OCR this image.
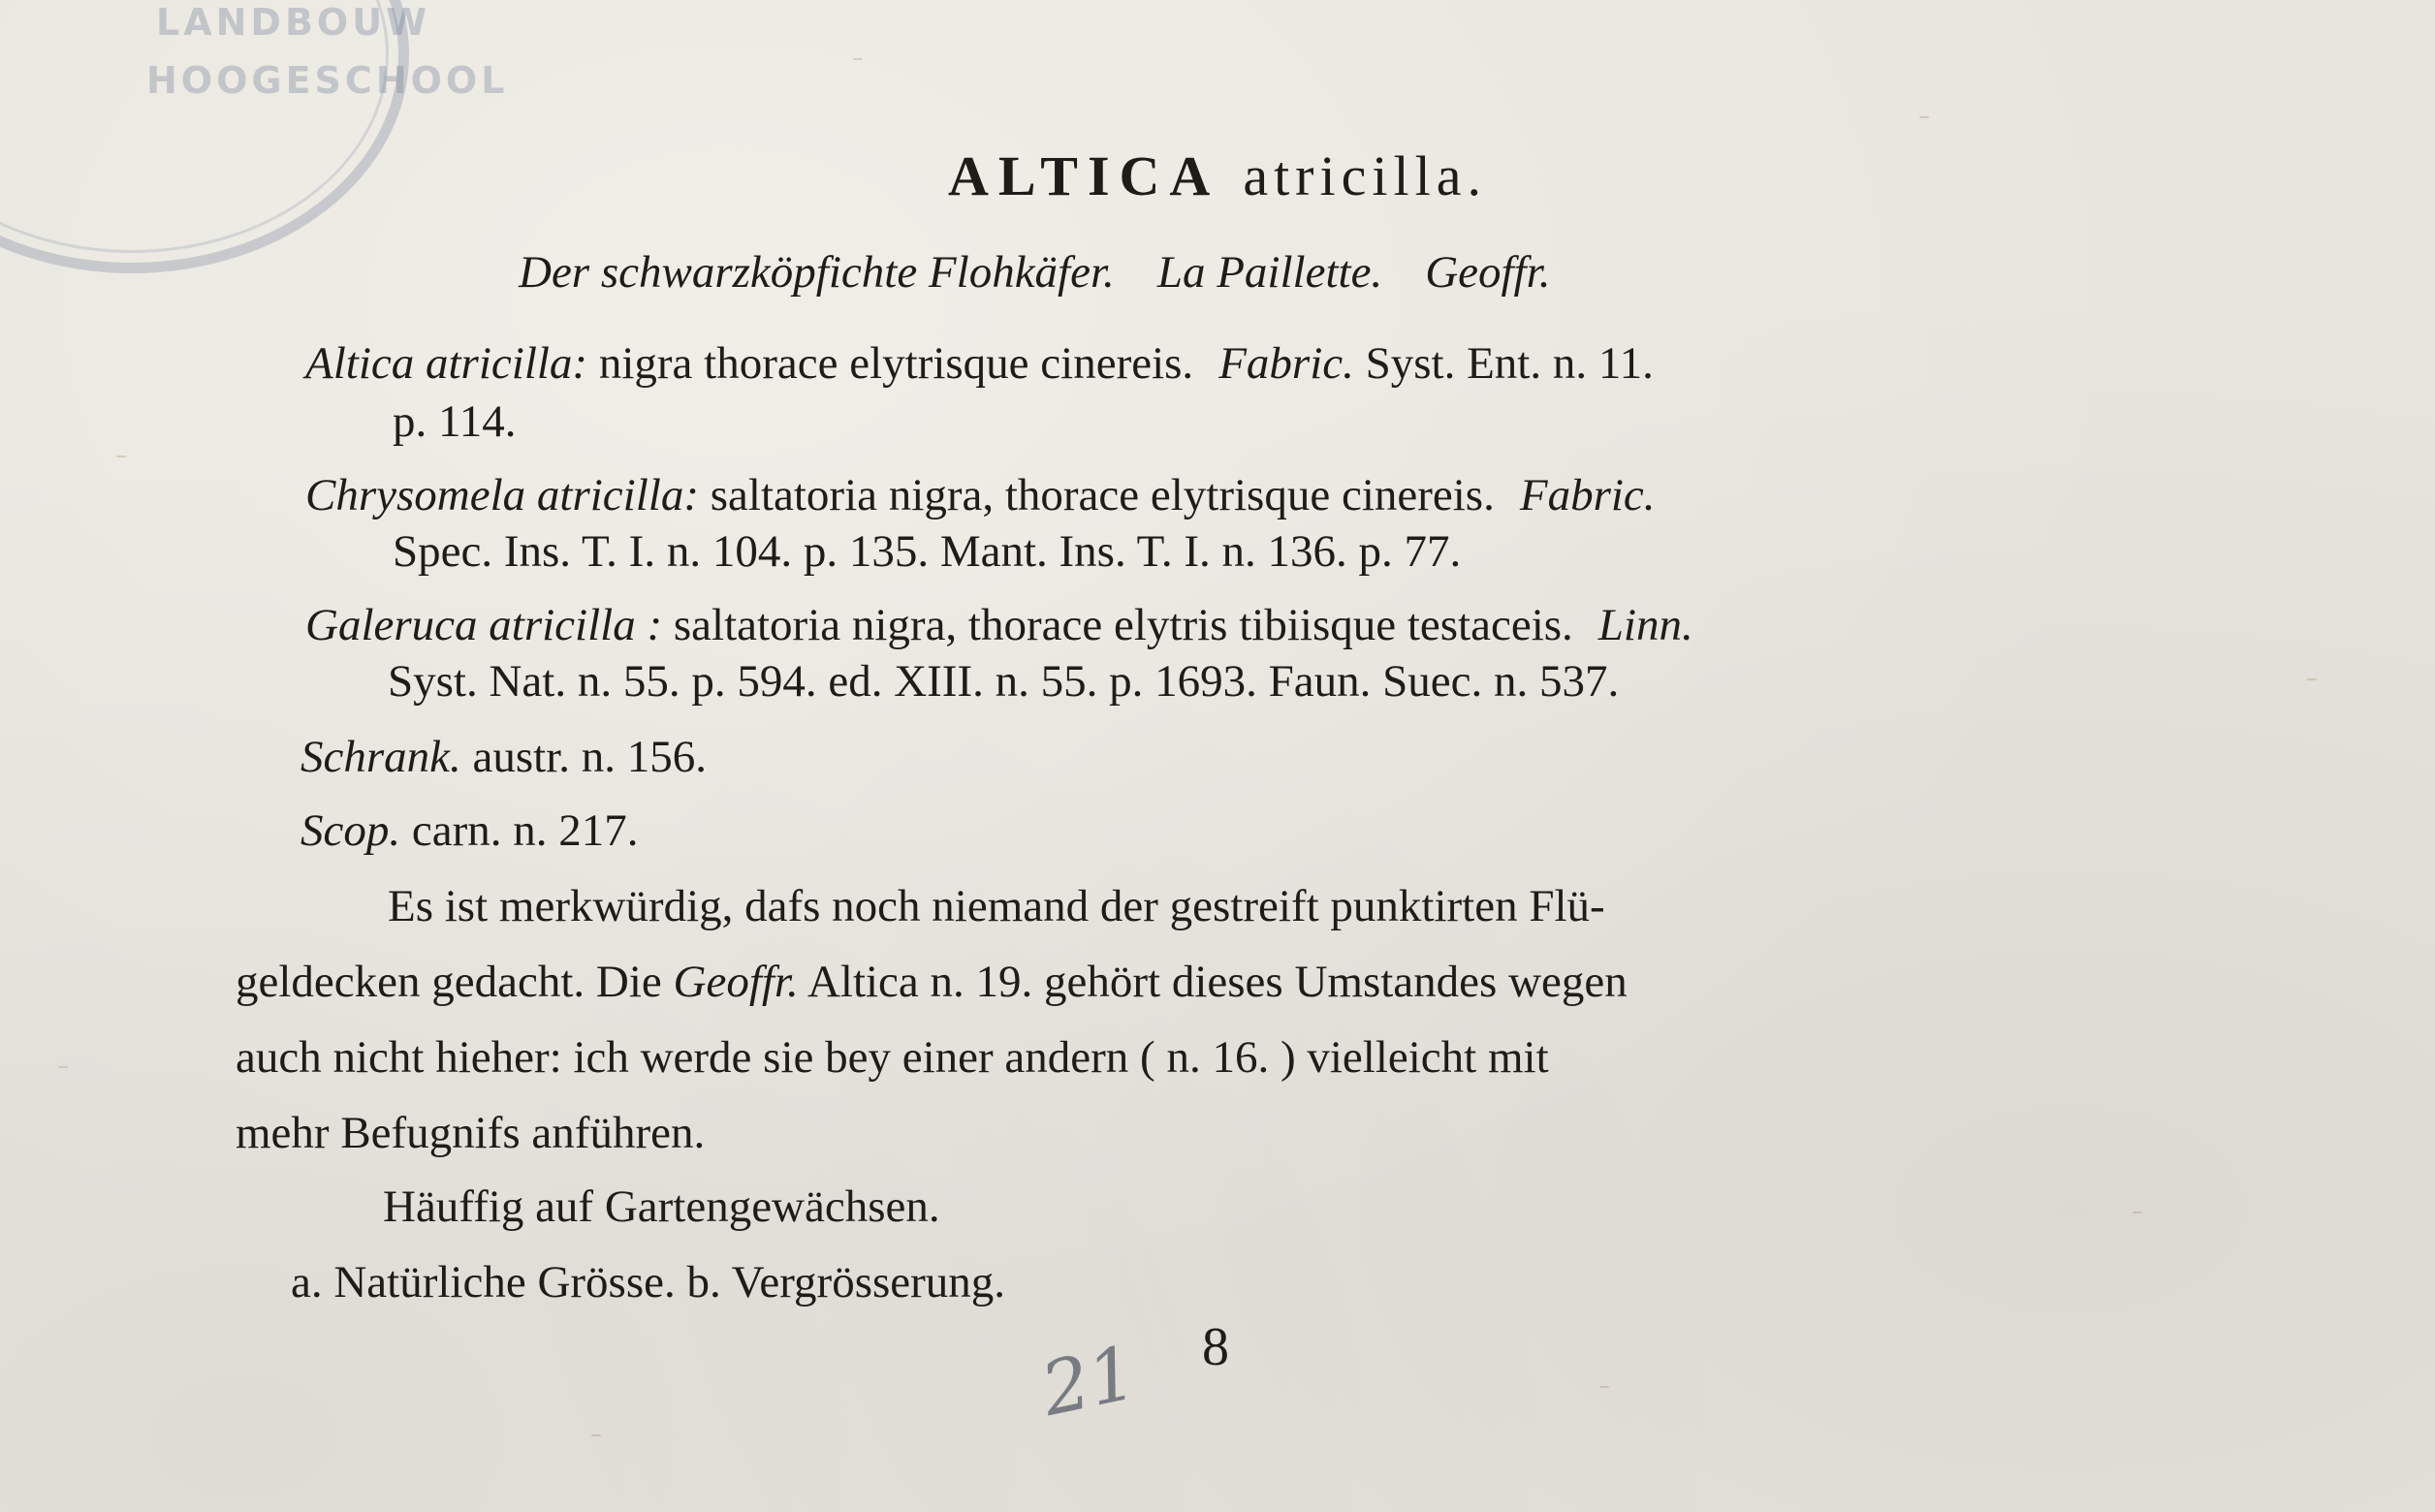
LANDBOUW
HOOGESCHOOL
ALTICA atricilla.
Der schwarzköpfichte Flohkäfer. La Paillette. Geoffr.
Altica atricilla: nigra thorace elytrisque cinereis. Fabric. Syst. Ent. n. 11.
p. 114.
Chrysomela atricilla: saltatoria nigra, thorace elytrisque cinereis. Fabric.
Spec. Ins. T. I. n. 104. p. 135. Mant. Ins. T. I. n. 136. p. 77.
Galeruca atricilla : saltatoria nigra, thorace elytris tibiisque testaceis. Linn.
Syst. Nat. n. 55. p. 594. ed. XIII. n. 55. p. 1693. Faun. Suec. n. 537.
Schrank. austr. n. 156.
Scop. carn. n. 217.
Es ist merkwürdig, dafs noch niemand der gestreift punktirten Flü-
geldecken gedacht. Die Geoffr. Altica n. 19. gehört dieses Umstandes wegen
auch nicht hieher: ich werde sie bey einer andern ( n. 16. ) vielleicht mit
mehr Befugnifs anführen.
Häuffig auf Gartengewächsen.
a. Natürliche Grösse. b. Vergrösserung.
8
21
